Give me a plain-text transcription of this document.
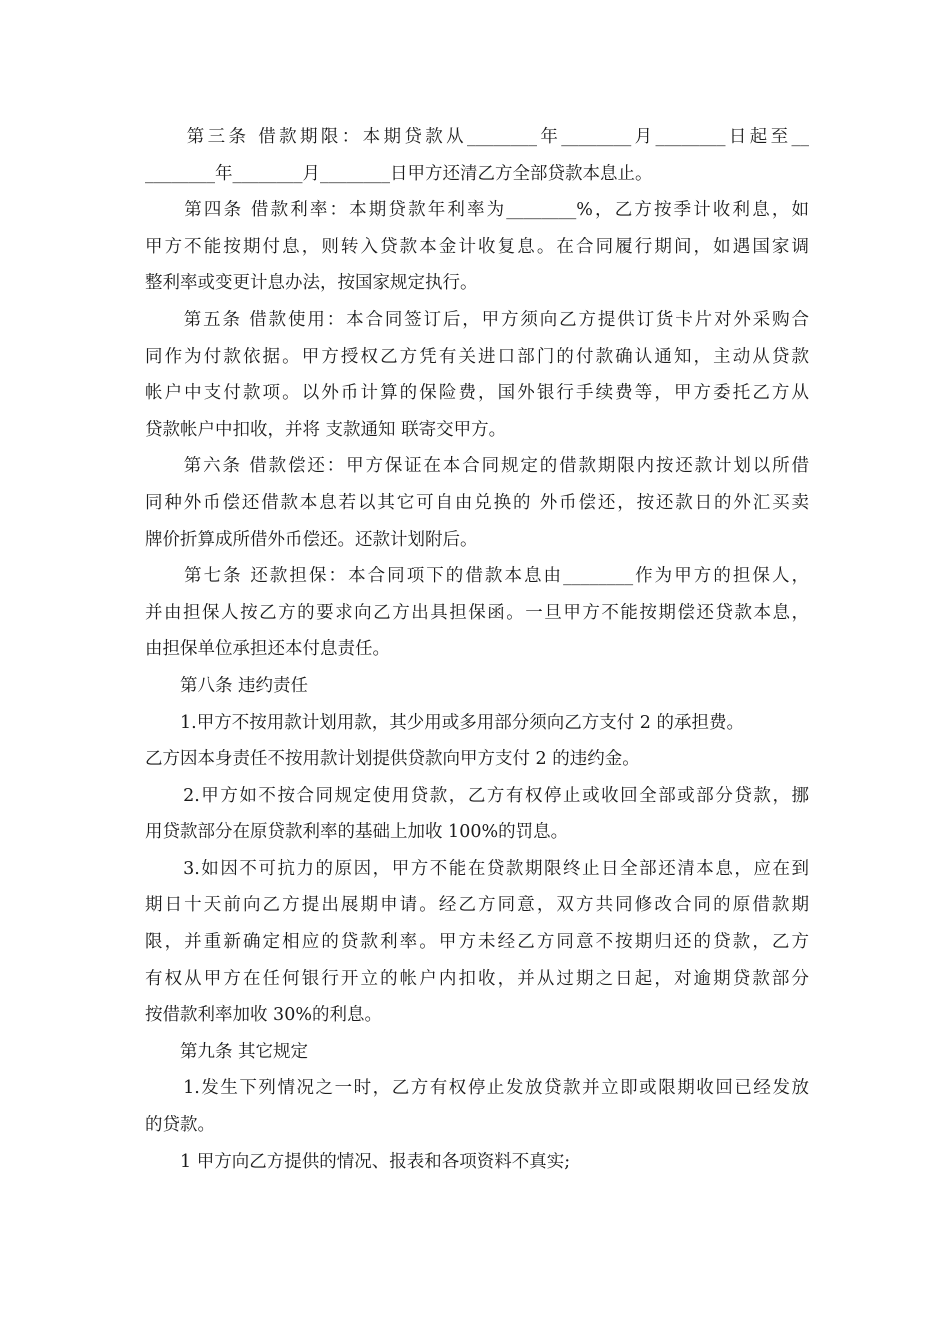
　　第三条 借款期限：本期贷款从________年________月________日起至__
________年________月________日甲方还清乙方全部贷款本息止。
　　第四条 借款利率：本期贷款年利率为________%，乙方按季计收利息，如
甲方不能按期付息，则转入贷款本金计收复息。在合同履行期间，如遇国家调
整利率或变更计息办法，按国家规定执行。
　　第五条 借款使用：本合同签订后，甲方须向乙方提供订货卡片对外采购合
同作为付款依据。甲方授权乙方凭有关进口部门的付款确认通知，主动从贷款
帐户中支付款项。以外币计算的保险费，国外银行手续费等，甲方委托乙方从
贷款帐户中扣收，并将 支款通知 联寄交甲方。
　　第六条 借款偿还：甲方保证在本合同规定的借款期限内按还款计划以所借
同种外币偿还借款本息若以其它可自由兑换的 外币偿还，按还款日的外汇买卖
牌价折算成所借外币偿还。还款计划附后。
　　第七条 还款担保：本合同项下的借款本息由________作为甲方的担保人，
并由担保人按乙方的要求向乙方出具担保函。一旦甲方不能按期偿还贷款本息，
由担保单位承担还本付息责任。
　　第八条 违约责任
　　1.甲方不按用款计划用款，其少用或多用部分须向乙方支付 2 的承担费。
乙方因本身责任不按用款计划提供贷款向甲方支付 2 的违约金。
　　2.甲方如不按合同规定使用贷款，乙方有权停止或收回全部或部分贷款，挪
用贷款部分在原贷款利率的基础上加收 100%的罚息。
　　3.如因不可抗力的原因，甲方不能在贷款期限终止日全部还清本息，应在到
期日十天前向乙方提出展期申请。经乙方同意，双方共同修改合同的原借款期
限，并重新确定相应的贷款利率。甲方未经乙方同意不按期归还的贷款，乙方
有权从甲方在任何银行开立的帐户内扣收，并从过期之日起，对逾期贷款部分
按借款利率加收 30%的利息。
　　第九条 其它规定
　　1.发生下列情况之一时，乙方有权停止发放贷款并立即或限期收回已经发放
的贷款。
　　1 甲方向乙方提供的情况、报表和各项资料不真实;
